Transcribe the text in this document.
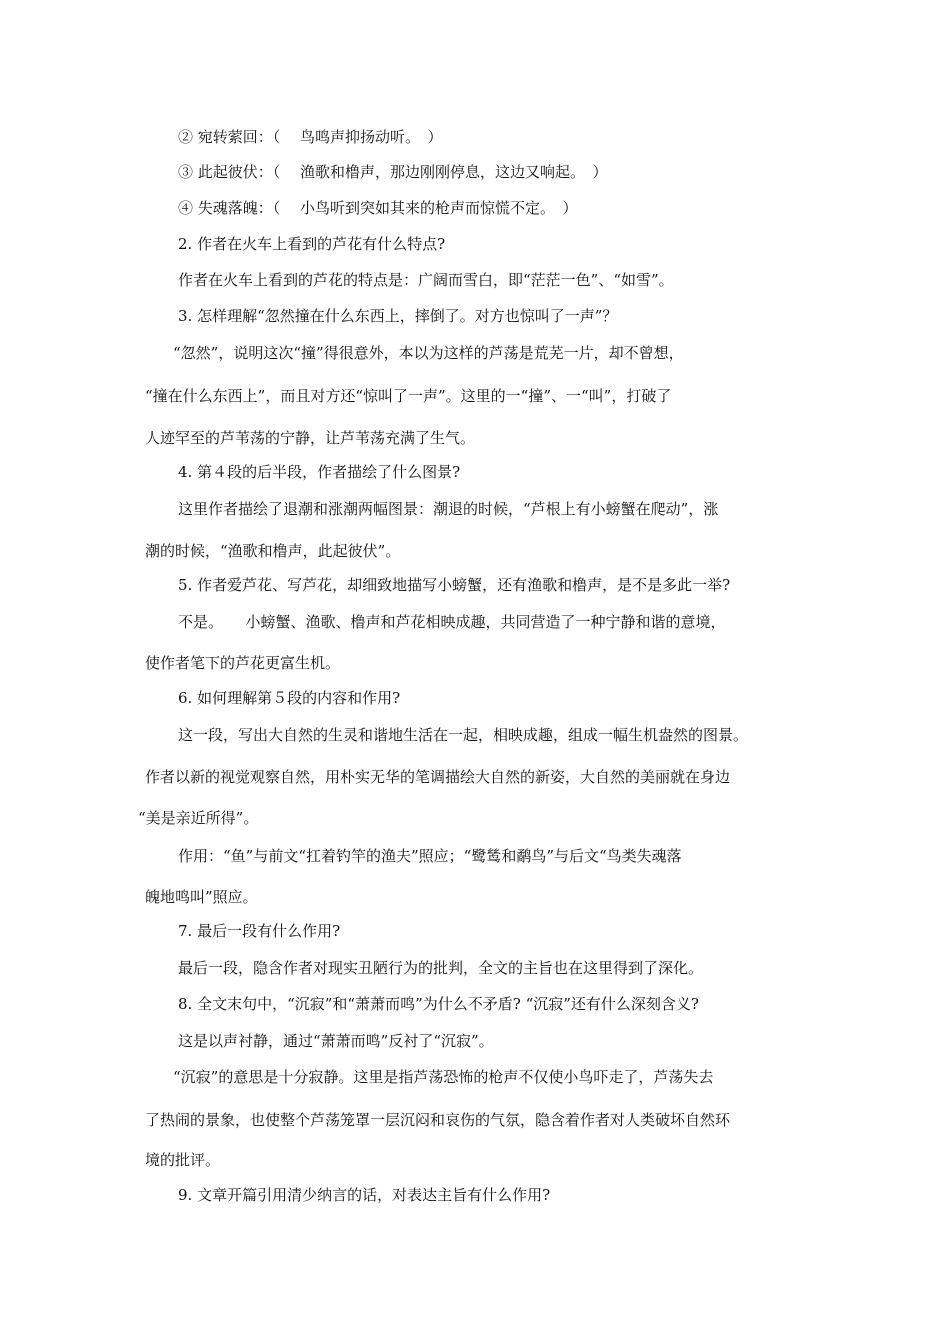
② 宛转萦回：（　 鸟鸣声抑扬动听。　）
③ 此起彼伏：（　 渔歌和橹声，那边刚刚停息，这边又响起。　）
④ 失魂落魄：（　 小鸟听到突如其来的枪声而惊慌不定。　）
2. 作者在火车上看到的芦花有什么特点?
作者在火车上看到的芦花的特点是：广阔而雪白，即“茫茫一色”、“如雪”。
3. 怎样理解“忽然撞在什么东西上，摔倒了。对方也惊叫了一声”？
“忽然”，说明这次“撞”得很意外，本以为这样的芦荡是荒芜一片，却不曾想，
“撞在什么东西上”，而且对方还“惊叫了一声”。这里的一“撞”、一“叫”，打破了
人迹罕至的芦苇荡的宁静，让芦苇荡充满了生气。
4. 第４段的后半段，作者描绘了什么图景?
这里作者描绘了退潮和涨潮两幅图景：潮退的时候，“芦根上有小螃蟹在爬动”，涨
潮的时候，“渔歌和橹声，此起彼伏”。
5. 作者爱芦花、写芦花，却细致地描写小螃蟹，还有渔歌和橹声，是不是多此一举?
不是。　　小螃蟹、渔歌、橹声和芦花相映成趣，共同营造了一种宁静和谐的意境，
使作者笔下的芦花更富生机。
6. 如何理解第５段的内容和作用?
这一段，写出大自然的生灵和谐地生活在一起，相映成趣，组成一幅生机盎然的图景。
作者以新的视觉观察自然，用朴实无华的笔调描绘大自然的新姿，大自然的美丽就在身边
“美是亲近所得”。
作用：“鱼”与前文“扛着钓竿的渔夫”照应；“鹭鸶和鹬鸟”与后文“鸟类失魂落
魄地鸣叫”照应。
7. 最后一段有什么作用?
最后一段，隐含作者对现实丑陋行为的批判，全文的主旨也在这里得到了深化。
8. 全文末句中，“沉寂”和“萧萧而鸣”为什么不矛盾? “沉寂”还有什么深刻含义?
这是以声衬静，通过“萧萧而鸣”反衬了“沉寂”。
“沉寂”的意思是十分寂静。这里是指芦荡恐怖的枪声不仅使小鸟吓走了，芦荡失去
了热闹的景象，也使整个芦荡笼罩一层沉闷和哀伤的气氛，隐含着作者对人类破坏自然环
境的批评。
9. 文章开篇引用清少纳言的话，对表达主旨有什么作用?
